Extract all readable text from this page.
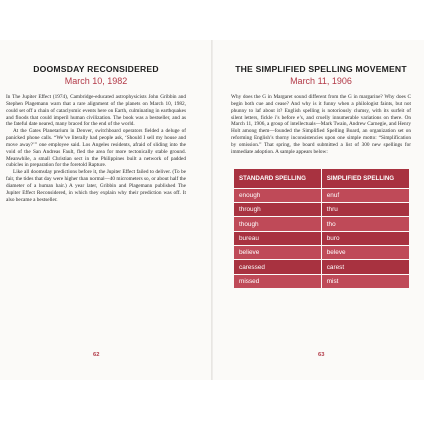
DOOMSDAY RECONSIDERED
March 10, 1982

In The Jupiter Effect (1974), Cambridge-educated astrophysicists John Gribbin and Stephen Plagemann warn that a rare alignment of the planets on March 10, 1982, could set off a chain of cataclysmic events here on Earth, culminating in earthquakes and floods that could imperil human civilization. The book was a bestseller, and as the fateful date neared, many braced for the end of the world.

At the Gates Planetarium in Denver, switchboard operators fielded a deluge of panicked phone calls. “We’ve literally had people ask, ‘Should I sell my house and move away?’” one employee said. Los Angeles residents, afraid of sliding into the void of the San Andreas Fault, fled the area for more tectonically stable ground. Meanwhile, a small Christian sect in the Philippines built a network of padded cubicles in preparation for the foretold Rapture.

Like all doomsday predictions before it, the Jupiter Effect failed to deliver. (To be fair, the tides that day were higher than normal—40 micrometers so, or about half the diameter of a human hair.) A year later, Gribbin and Plagemann published The Jupiter Effect Reconsidered, in which they explain why their prediction was off. It also became a bestseller.

THE SIMPLIFIED SPELLING MOVEMENT
March 11, 1906

Why does the G in Margaret sound different from the G in margarine? Why does C begin both cue and cease? And why is it funny when a philologist faints, but not phunny to laf about it? English spelling is notoriously clumsy, with its surfeit of silent letters, fickle i’s before e’s, and cruelly innumerable variations on there. On March 11, 1906, a group of intellectuals—Mark Twain, Andrew Carnegie, and Henry Holt among them—founded the Simplified Spelling Board, an organization set on reforming English’s thorny inconsistencies upon one simple motto: “Simplification by omission.” That spring, the board submitted a list of 300 new spellings for immediate adoption. A sample appears below:

STANDARD SPELLING	SIMPLIFIED SPELLING
enough	enuf
through	thru
though	tho
bureau	buro
believe	beleve
caressed	carest
missed	mist
62	63
